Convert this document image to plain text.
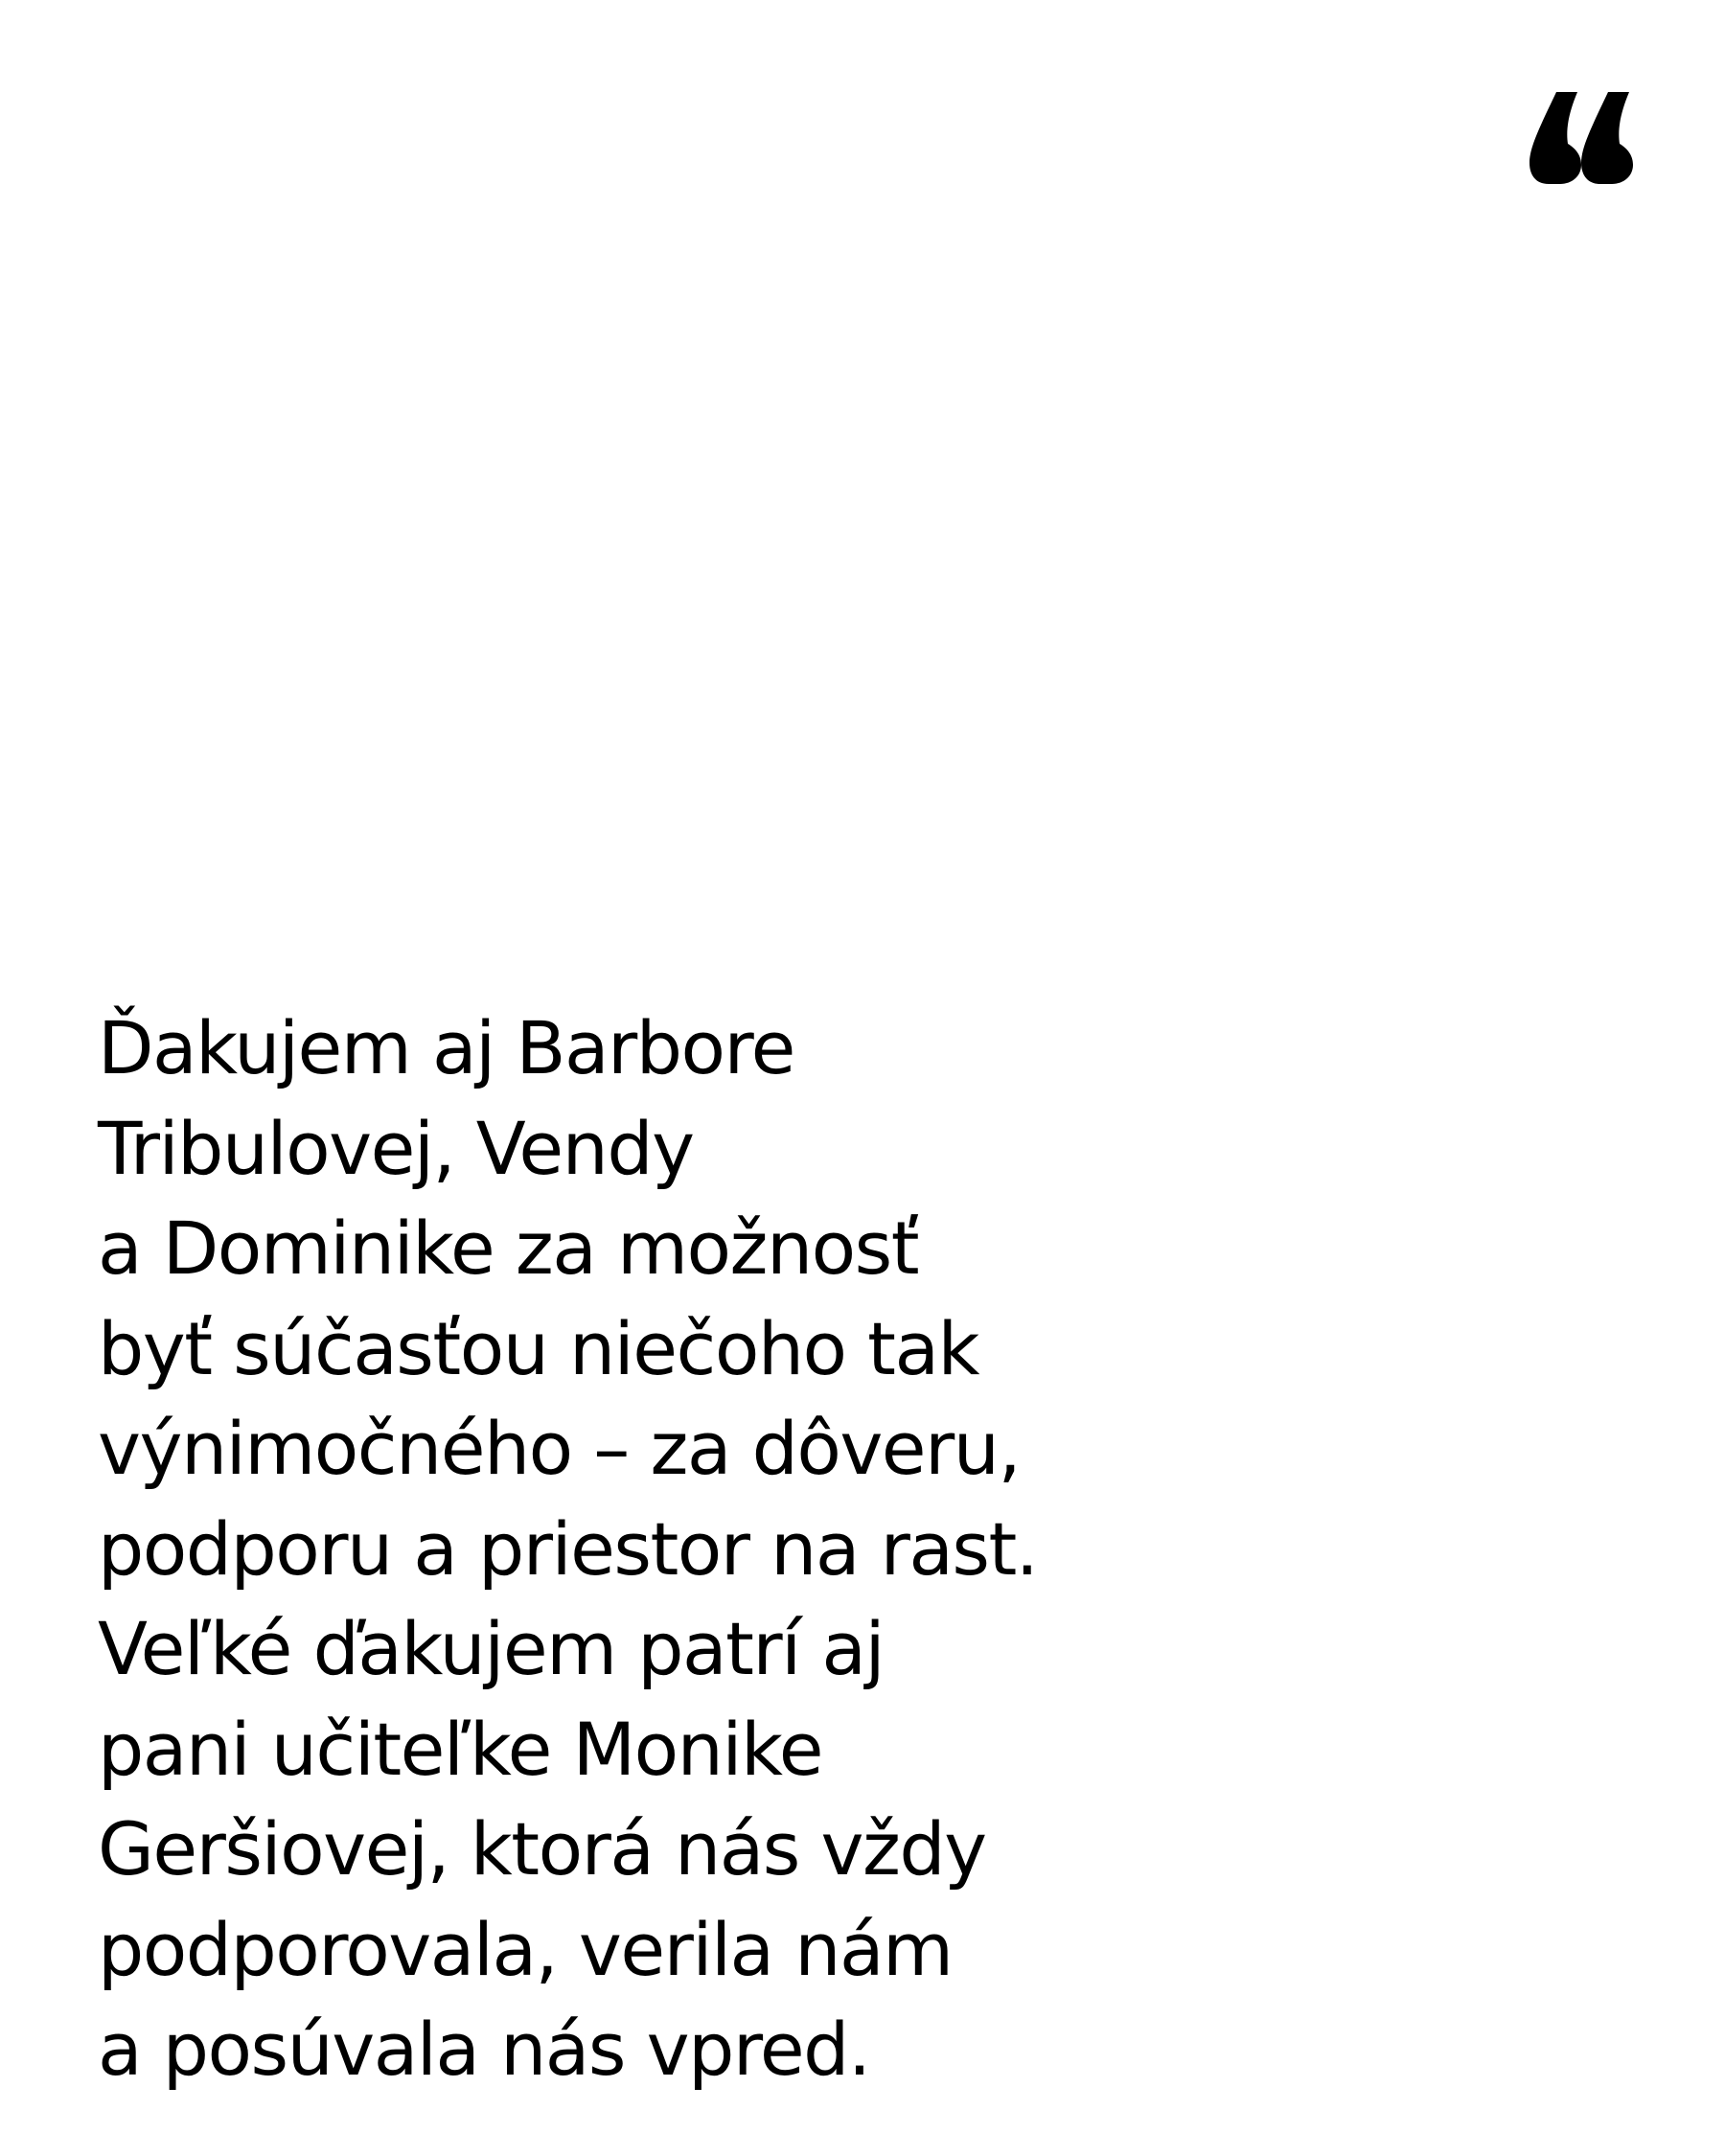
Ďakujem aj Barbore
Tribulovej, Vendy
a Dominike za možnosť
byť súčasťou niečoho tak
výnimočného – za dôveru,
podporu a priestor na rast.
Veľké ďakujem patrí aj
pani učiteľke Monike
Geršiovej, ktorá nás vždy
podporovala, verila nám
a posúvala nás vpred.
